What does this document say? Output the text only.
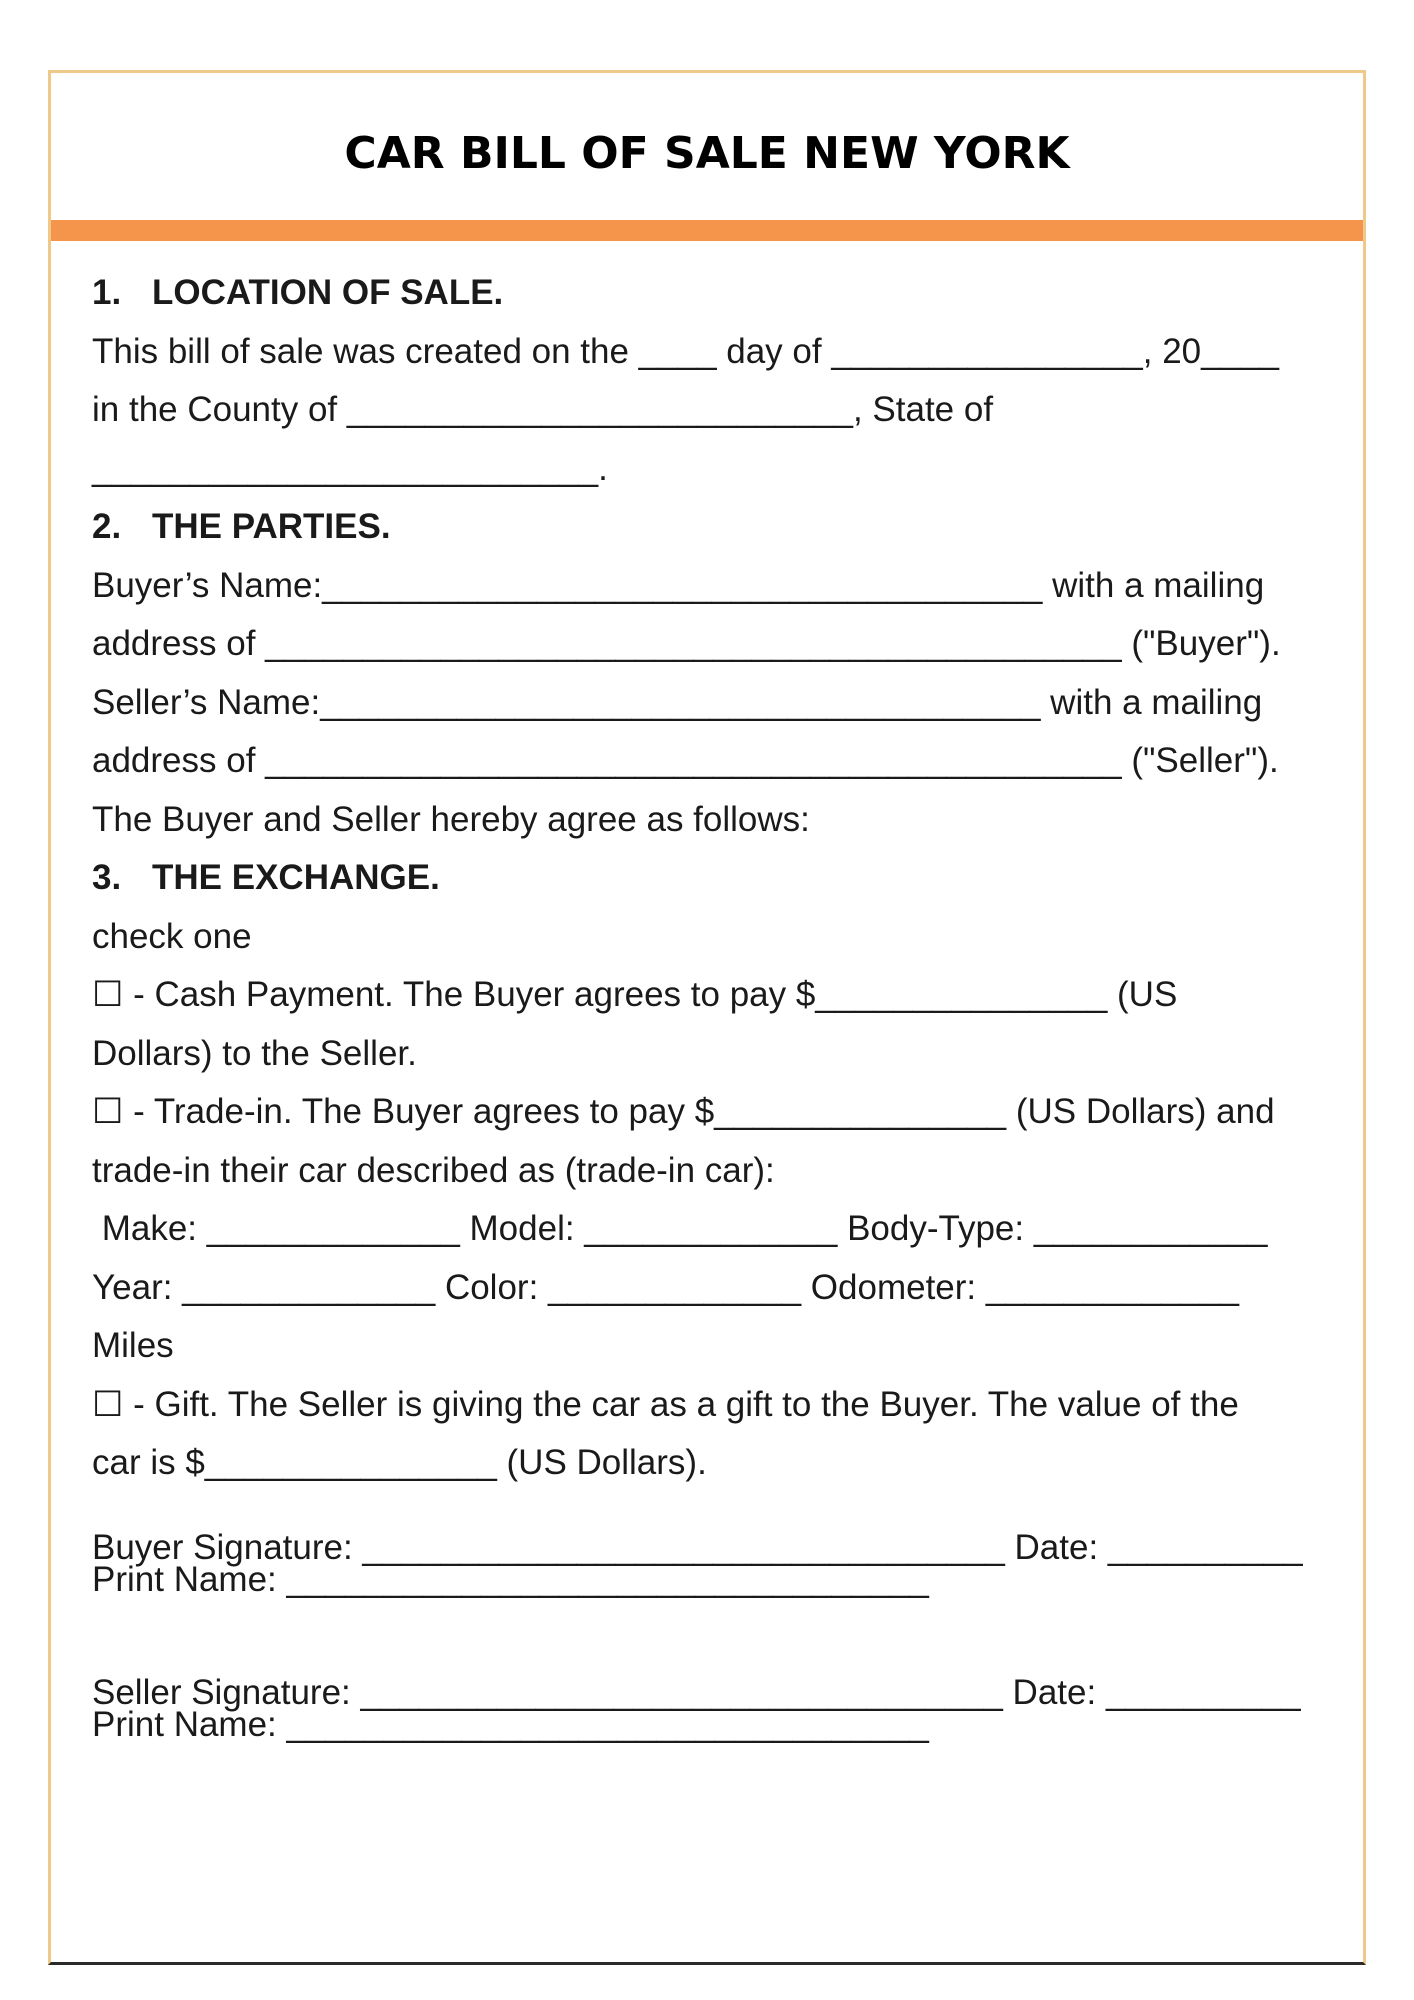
CAR BILL OF SALE NEW YORK
1. LOCATION OF SALE.
This bill of sale was created on the ____ day of ________________, 20____
in the County of __________________________, State of
__________________________.
2. THE PARTIES.
Buyer’s Name:_____________________________________ with a mailing
address of ____________________________________________ ("Buyer").
Seller’s Name:_____________________________________ with a mailing
address of ____________________________________________ ("Seller").
The Buyer and Seller hereby agree as follows:
3. THE EXCHANGE.
check one
☐ - Cash Payment. The Buyer agrees to pay $_______________ (US
Dollars) to the Seller.
☐ - Trade-in. The Buyer agrees to pay $_______________ (US Dollars) and
trade-in their car described as (trade-in car):
Make: _____________ Model: _____________ Body-Type: ____________
Year: _____________ Color: _____________ Odometer: _____________
Miles
☐ - Gift. The Seller is giving the car as a gift to the Buyer. The value of the
car is $_______________ (US Dollars).
Buyer Signature: _________________________________ Date: __________
Print Name: _________________________________
Seller Signature: _________________________________ Date: __________
Print Name: _________________________________
